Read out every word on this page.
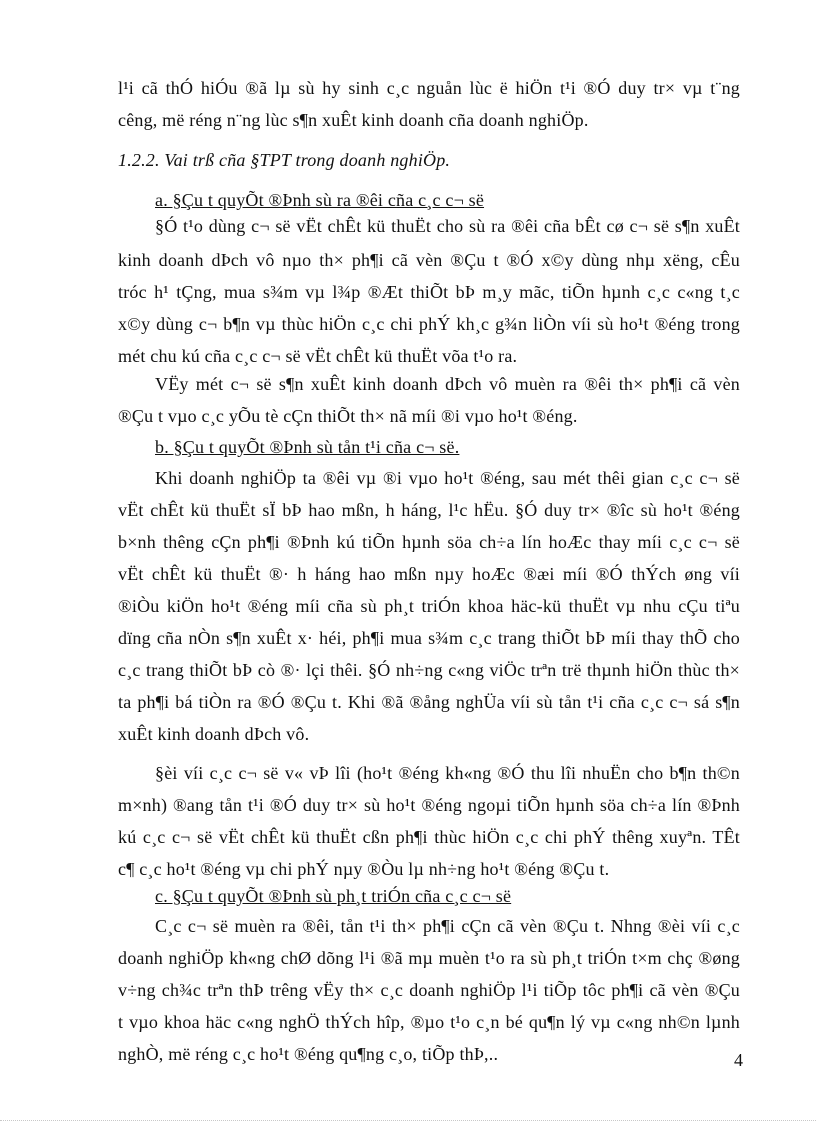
l¹i cã thÓ hiÓu ®ã lµ sù hy sinh c¸c nguån lùc ë hiÖn t¹i ®Ó duy tr× vµ t¨ng
cêng, më réng n¨ng lùc s¶n xuÊt kinh doanh cña doanh nghiÖp.
1.2.2. Vai trß cña §TPT trong doanh nghiÖp.
a. §Çu t quyÕt ®Þnh sù ra ®êi cña c¸c c¬ së
§Ó t¹o dùng c¬ së vËt chÊt kü thuËt cho sù ra ®êi cña bÊt cø c¬ së s¶n xuÊt
kinh doanh dÞch vô nµo th× ph¶i cã vèn ®Çu t ®Ó x©y dùng nhµ xëng, cÊu
tróc h¹ tÇng, mua s¾m vµ l¾p ®Æt thiÕt bÞ m¸y mãc, tiÕn hµnh c¸c c«ng t¸c
x©y dùng c¬ b¶n vµ thùc hiÖn c¸c chi phÝ kh¸c g¾n liÒn víi sù ho¹t ®éng trong
mét chu kú cña c¸c c¬ së vËt chÊt kü thuËt võa t¹o ra.
VËy mét c¬ së s¶n xuÊt kinh doanh dÞch vô muèn ra ®êi th× ph¶i cã vèn
®Çu t vµo c¸c yÕu tè cÇn thiÕt th× nã míi ®i vµo ho¹t ®éng.
b. §Çu t quyÕt ®Þnh sù tån t¹i cña c¬ së.
Khi doanh nghiÖp ta ®êi vµ ®i vµo ho¹t ®éng, sau mét thêi gian c¸c c¬ së
vËt chÊt kü thuËt sÏ bÞ hao mßn, h háng, l¹c hËu. §Ó duy tr× ®îc sù ho¹t ®éng
b×nh thêng cÇn ph¶i ®Þnh kú tiÕn hµnh söa ch÷a lín hoÆc thay míi c¸c c¬ së
vËt chÊt kü thuËt ®· h háng hao mßn nµy hoÆc ®æi míi ®Ó thÝch øng víi
®iÒu kiÖn ho¹t ®éng míi cña sù ph¸t triÓn khoa häc-kü thuËt vµ nhu cÇu tiªu
dïng cña nÒn s¶n xuÊt x· héi, ph¶i mua s¾m c¸c trang thiÕt bÞ míi thay thÕ cho
c¸c trang thiÕt bÞ cò ®· lçi thêi. §Ó nh÷ng c«ng viÖc trªn trë thµnh hiÖn thùc th×
ta ph¶i bá tiÒn ra ®Ó ®Çu t. Khi ®ã ®ång nghÜa víi sù tån t¹i cña c¸c c¬ sá s¶n
xuÊt kinh doanh dÞch vô.
§èi víi c¸c c¬ së v« vÞ lîi (ho¹t ®éng kh«ng ®Ó thu lîi nhuËn cho b¶n th©n
m×nh) ®ang tån t¹i ®Ó duy tr× sù ho¹t ®éng ngoµi tiÕn hµnh söa ch÷a lín ®Þnh
kú c¸c c¬ së vËt chÊt kü thuËt cßn ph¶i thùc hiÖn c¸c chi phÝ thêng xuyªn. TÊt
c¶ c¸c ho¹t ®éng vµ chi phÝ nµy ®Òu lµ nh÷ng ho¹t ®éng ®Çu t.
c. §Çu t quyÕt ®Þnh sù ph¸t triÓn cña c¸c c¬ së
C¸c c¬ së muèn ra ®êi, tån t¹i th× ph¶i cÇn cã vèn ®Çu t. Nhng ®èi víi c¸c
doanh nghiÖp kh«ng chØ dõng l¹i ®ã mµ muèn t¹o ra sù ph¸t triÓn t×m chç ®øng
v÷ng ch¾c trªn thÞ trêng vËy th× c¸c doanh nghiÖp l¹i tiÕp tôc ph¶i cã vèn ®Çu
t vµo khoa häc c«ng nghÖ thÝch hîp, ®µo t¹o c¸n bé qu¶n lý vµ c«ng nh©n lµnh
nghÒ, më réng c¸c ho¹t ®éng qu¶ng c¸o, tiÕp thÞ,..	4
